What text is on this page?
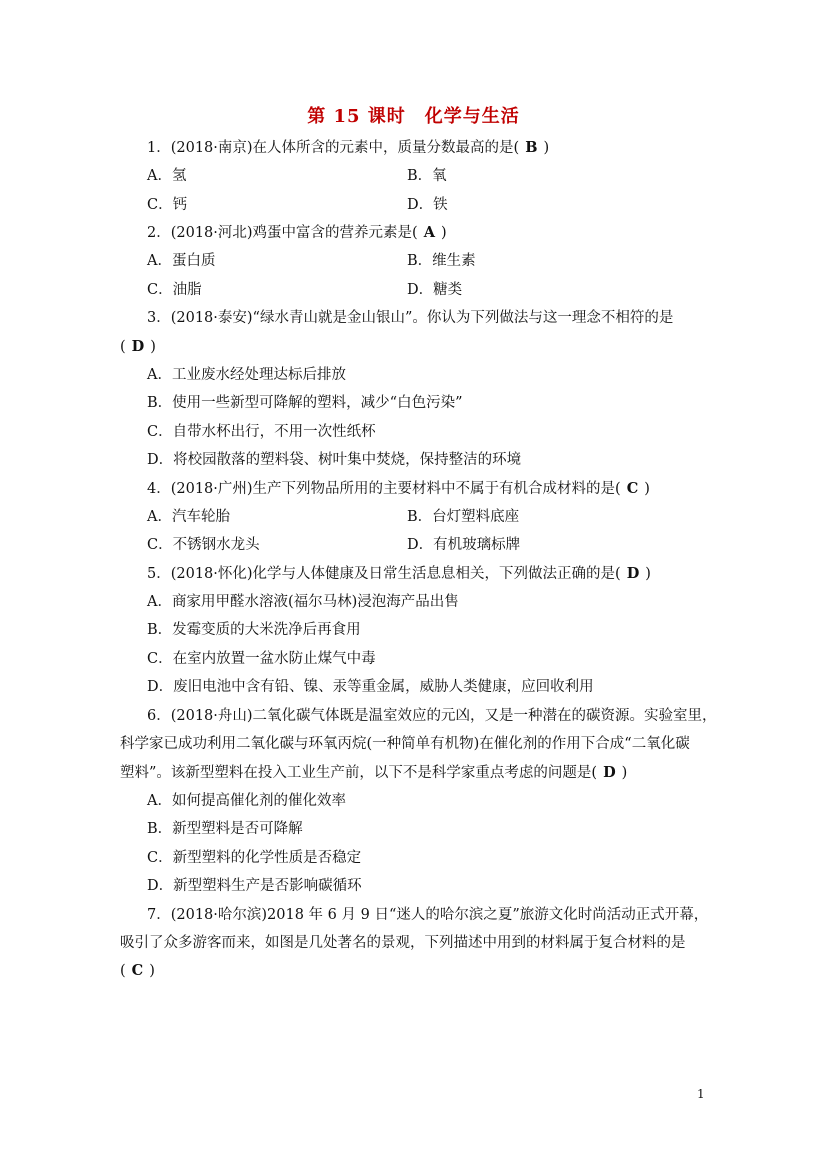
第 15 课时　化学与生活
1．(2018·南京)在人体所含的元素中，质量分数最高的是( B )
A．氢	B．氧
C．钙	D．铁
2．(2018·河北)鸡蛋中富含的营养元素是( A )
A．蛋白质	B．维生素
C．油脂	D．糖类
3．(2018·泰安)“绿水青山就是金山银山”。你认为下列做法与这一理念不相符的是
( D )
A．工业废水经处理达标后排放
B．使用一些新型可降解的塑料，减少“白色污染”
C．自带水杯出行，不用一次性纸杯
D．将校园散落的塑料袋、树叶集中焚烧，保持整洁的环境
4．(2018·广州)生产下列物品所用的主要材料中不属于有机合成材料的是( C )
A．汽车轮胎	B．台灯塑料底座
C．不锈钢水龙头	D．有机玻璃标牌
5．(2018·怀化)化学与人体健康及日常生活息息相关，下列做法正确的是( D )
A．商家用甲醛水溶液(福尔马林)浸泡海产品出售
B．发霉变质的大米洗净后再食用
C．在室内放置一盆水防止煤气中毒
D．废旧电池中含有铅、镍、汞等重金属，威胁人类健康，应回收利用
6．(2018·舟山)二氧化碳气体既是温室效应的元凶，又是一种潜在的碳资源。实验室里，
科学家已成功利用二氧化碳与环氧丙烷(一种简单有机物)在催化剂的作用下合成“二氧化碳
塑料”。该新型塑料在投入工业生产前，以下不是科学家重点考虑的问题是( D )
A．如何提高催化剂的催化效率
B．新型塑料是否可降解
C．新型塑料的化学性质是否稳定
D．新型塑料生产是否影响碳循环
7．(2018·哈尔滨)2018 年 6 月 9 日“迷人的哈尔滨之夏”旅游文化时尚活动正式开幕，
吸引了众多游客而来，如图是几处著名的景观，下列描述中用到的材料属于复合材料的是
( C )
1
